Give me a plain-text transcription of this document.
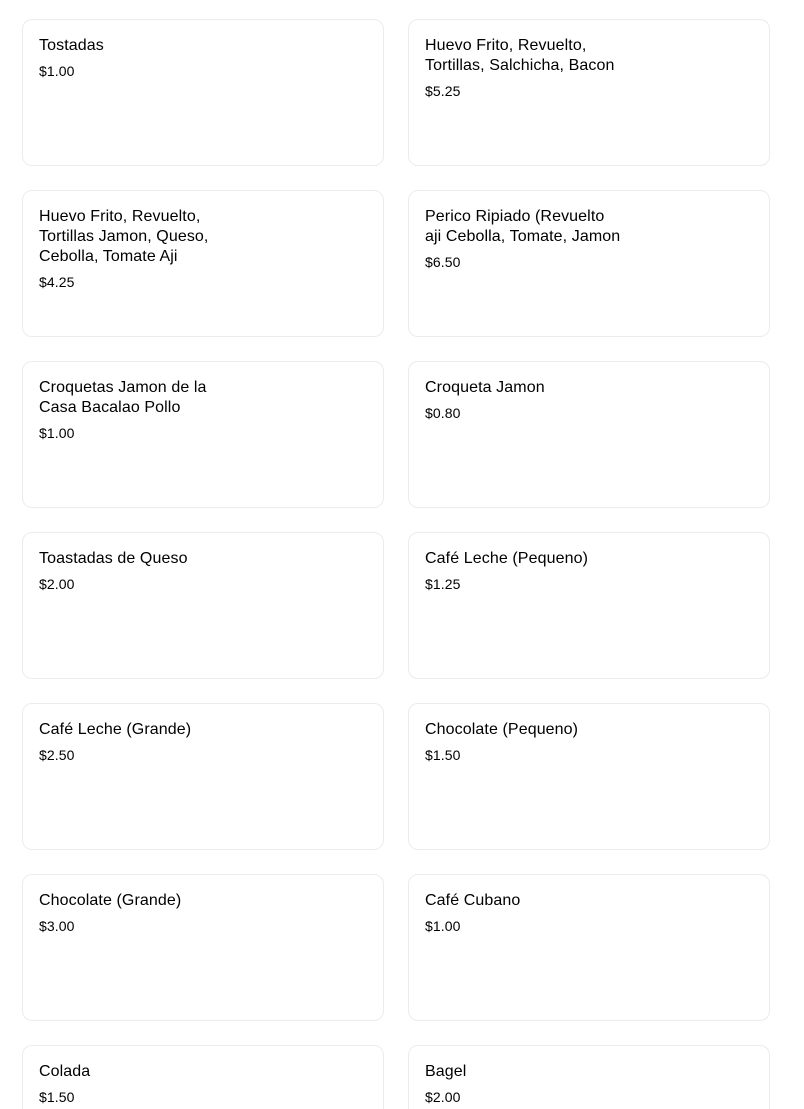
Tostadas
$1.00
Huevo Frito, Revuelto, Tortillas, Salchicha, Bacon
$5.25
Huevo Frito, Revuelto, Tortillas Jamon, Queso, Cebolla, Tomate Aji
$4.25
Perico Ripiado (Revuelto aji Cebolla, Tomate, Jamon
$6.50
Croquetas Jamon de la Casa Bacalao Pollo
$1.00
Croqueta Jamon
$0.80
Toastadas de Queso
$2.00
Café Leche (Pequeno)
$1.25
Café Leche (Grande)
$2.50
Chocolate (Pequeno)
$1.50
Chocolate (Grande)
$3.00
Café Cubano
$1.00
Colada
$1.50
Bagel
$2.00
